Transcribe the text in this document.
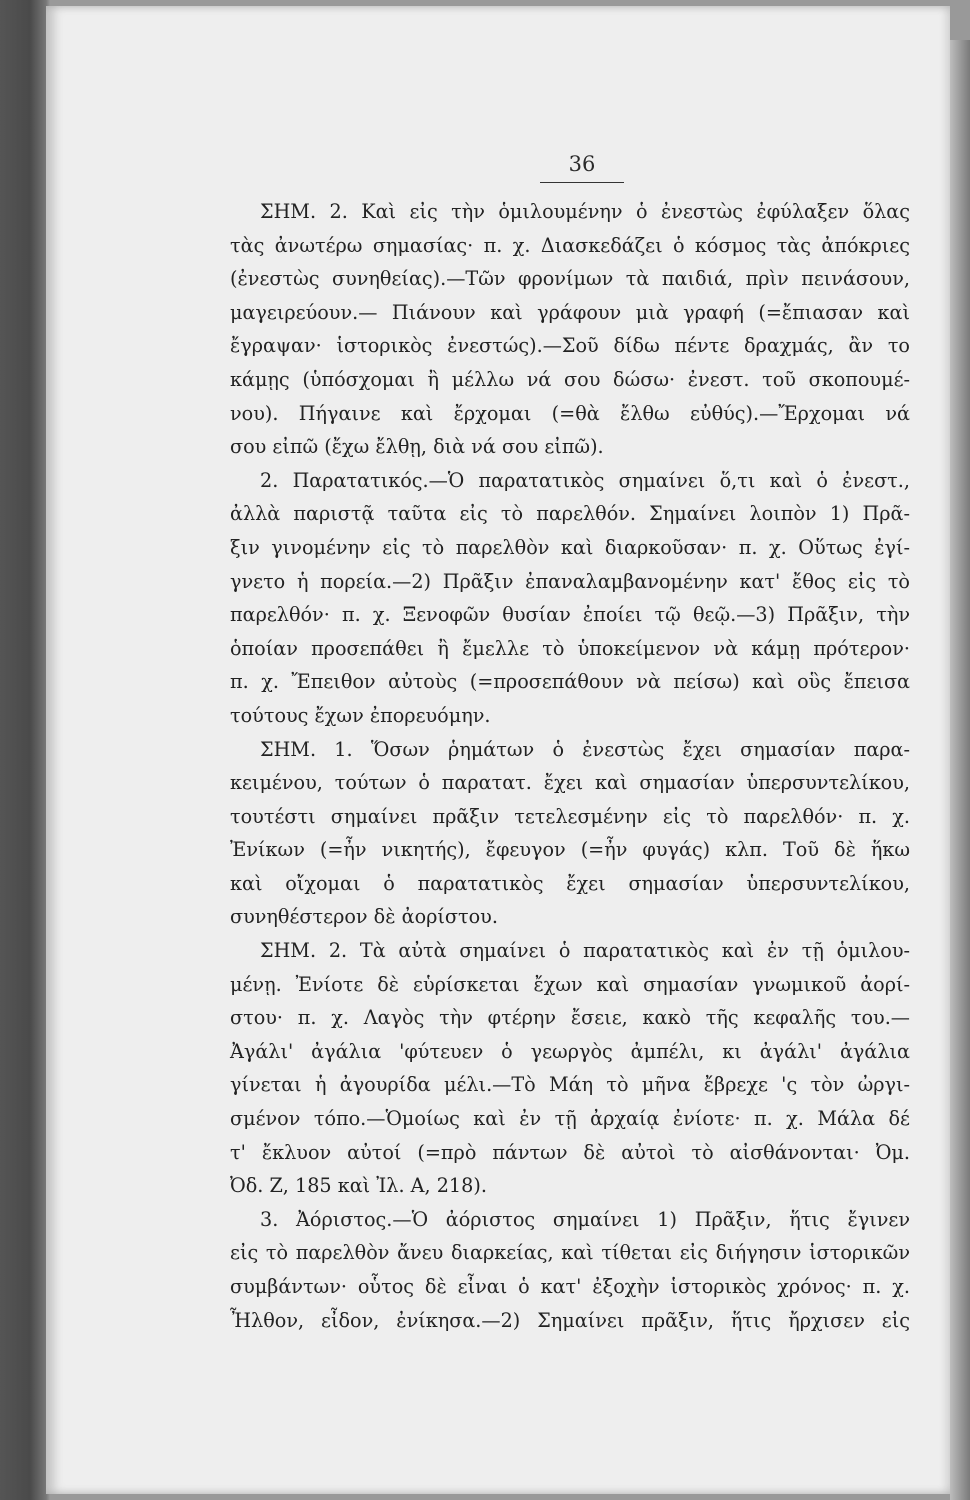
36
ΣΗΜ. 2. Καὶ εἰς τὴν ὁμιλουμένην ὁ ἐνεστὼς ἐφύλαξεν ὅλας
τὰς ἀνωτέρω σημασίας· π. χ. Διασκεδάζει ὁ κόσμος τὰς ἀπόκριες
(ἐνεστὼς συνηθείας).—Τῶν φρονίμων τὰ παιδιά, πρὶν πεινάσουν,
μαγειρεύουν.— Πιάνουν καὶ γράφουν μιὰ γραφή (=ἔπιασαν καὶ
ἔγραψαν· ἱστορικὸς ἐνεστώς).—Σοῦ δίδω πέντε δραχμάς, ἂν το
κάμῃς (ὑπόσχομαι ἢ μέλλω νά σου δώσω· ἐνεστ. τοῦ σκοπουμέ-
νου). Πήγαινε καὶ ἔρχομαι (=θὰ ἔλθω εὐθύς).—Ἔρχομαι νά
σου εἰπῶ (ἔχω ἔλθῃ, διὰ νά σου εἰπῶ).
2. Παρατατικός.—Ὁ παρατατικὸς σημαίνει ὅ,τι καὶ ὁ ἐνεστ.,
ἀλλὰ παριστᾷ ταῦτα εἰς τὸ παρελθόν. Σημαίνει λοιπὸν 1) Πρᾶ-
ξιν γινομένην εἰς τὸ παρελθὸν καὶ διαρκοῦσαν· π. χ. Οὕτως ἐγί-
γνετο ἡ πορεία.—2) Πρᾶξιν ἐπαναλαμβανομένην κατ' ἔθος εἰς τὸ
παρελθόν· π. χ. Ξενοφῶν θυσίαν ἐποίει τῷ θεῷ.—3) Πρᾶξιν, τὴν
ὁποίαν προσεπάθει ἢ ἔμελλε τὸ ὑποκείμενον νὰ κάμῃ πρότερον·
π. χ. Ἔπειθον αὐτοὺς (=προσεπάθουν νὰ πείσω) καὶ οὓς ἔπεισα
τούτους ἔχων ἐπορευόμην.
ΣΗΜ. 1. Ὅσων ῥημάτων ὁ ἐνεστὼς ἔχει σημασίαν παρα-
κειμένου, τούτων ὁ παρατατ. ἔχει καὶ σημασίαν ὑπερσυντελίκου,
τουτέστι σημαίνει πρᾶξιν τετελεσμένην εἰς τὸ παρελθόν· π. χ.
Ἐνίκων (=ἦν νικητής), ἔφευγον (=ἦν φυγάς) κλπ. Τοῦ δὲ ἥκω
καὶ οἴχομαι ὁ παρατατικὸς ἔχει σημασίαν ὑπερσυντελίκου,
συνηθέστερον δὲ ἀορίστου.
ΣΗΜ. 2. Τὰ αὐτὰ σημαίνει ὁ παρατατικὸς καὶ ἐν τῇ ὁμιλου-
μένῃ. Ἐνίοτε δὲ εὑρίσκεται ἔχων καὶ σημασίαν γνωμικοῦ ἀορί-
στου· π. χ. Λαγὸς τὴν φτέρην ἔσειε, κακὸ τῆς κεφαλῆς του.—
Ἀγάλι' ἀγάλια 'φύτευεν ὁ γεωργὸς ἀμπέλι, κι ἀγάλι' ἀγάλια
γίνεται ἡ ἀγουρίδα μέλι.—Τὸ Μάη τὸ μῆνα ἔβρεχε 'ς τὸν ὠργι-
σμένον τόπο.—Ὁμοίως καὶ ἐν τῇ ἀρχαίᾳ ἐνίοτε· π. χ. Μάλα δέ
τ' ἔκλυον αὐτοί (=πρὸ πάντων δὲ αὐτοὶ τὸ αἰσθάνονται· Ὀμ.
Ὀδ. Ζ, 185 καὶ Ἰλ. Α, 218).
3. Ἀόριστος.—Ὁ ἀόριστος σημαίνει 1) Πρᾶξιν, ἥτις ἔγινεν
εἰς τὸ παρελθὸν ἄνευ διαρκείας, καὶ τίθεται εἰς διήγησιν ἱστορικῶν
συμβάντων· οὗτος δὲ εἶναι ὁ κατ' ἐξοχὴν ἱστορικὸς χρόνος· π. χ.
Ἦλθον, εἶδον, ἐνίκησα.—2) Σημαίνει πρᾶξιν, ἥτις ἤρχισεν εἰς
